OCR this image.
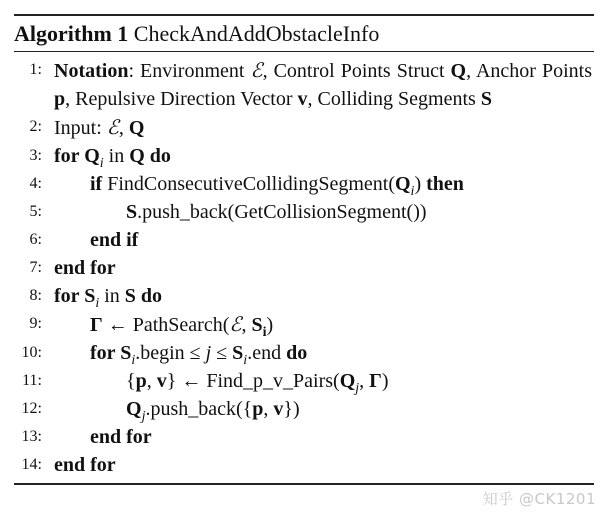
Algorithm 1 CheckAndAddObstacleInfo
1: Notation: Environment ℰ, Control Points Struct Q, Anchor Points p, Repulsive Direction Vector v, Colliding Segments S
2: Input: ℰ, Q
3: for $Q_i$ in Q do
4: if $FindConsecutiveCollidingSegment(Q_i)$ then
5:	S.push_back(GetCollisionSegment())
6: end if
7: end for
8: for $S_i$ in S do
9: Γ ← PathSearch(ℰ, $S_i$)
10: for $S_i.begin \le j \le S_i.end$ do
11:	{p, v} ← $Find\_p\_v\_Pairs(Q_j$, Γ)
12:	$Q_j.push\_back(\{p$, v})
13: end for
14: end for
知乎 @CK1201
